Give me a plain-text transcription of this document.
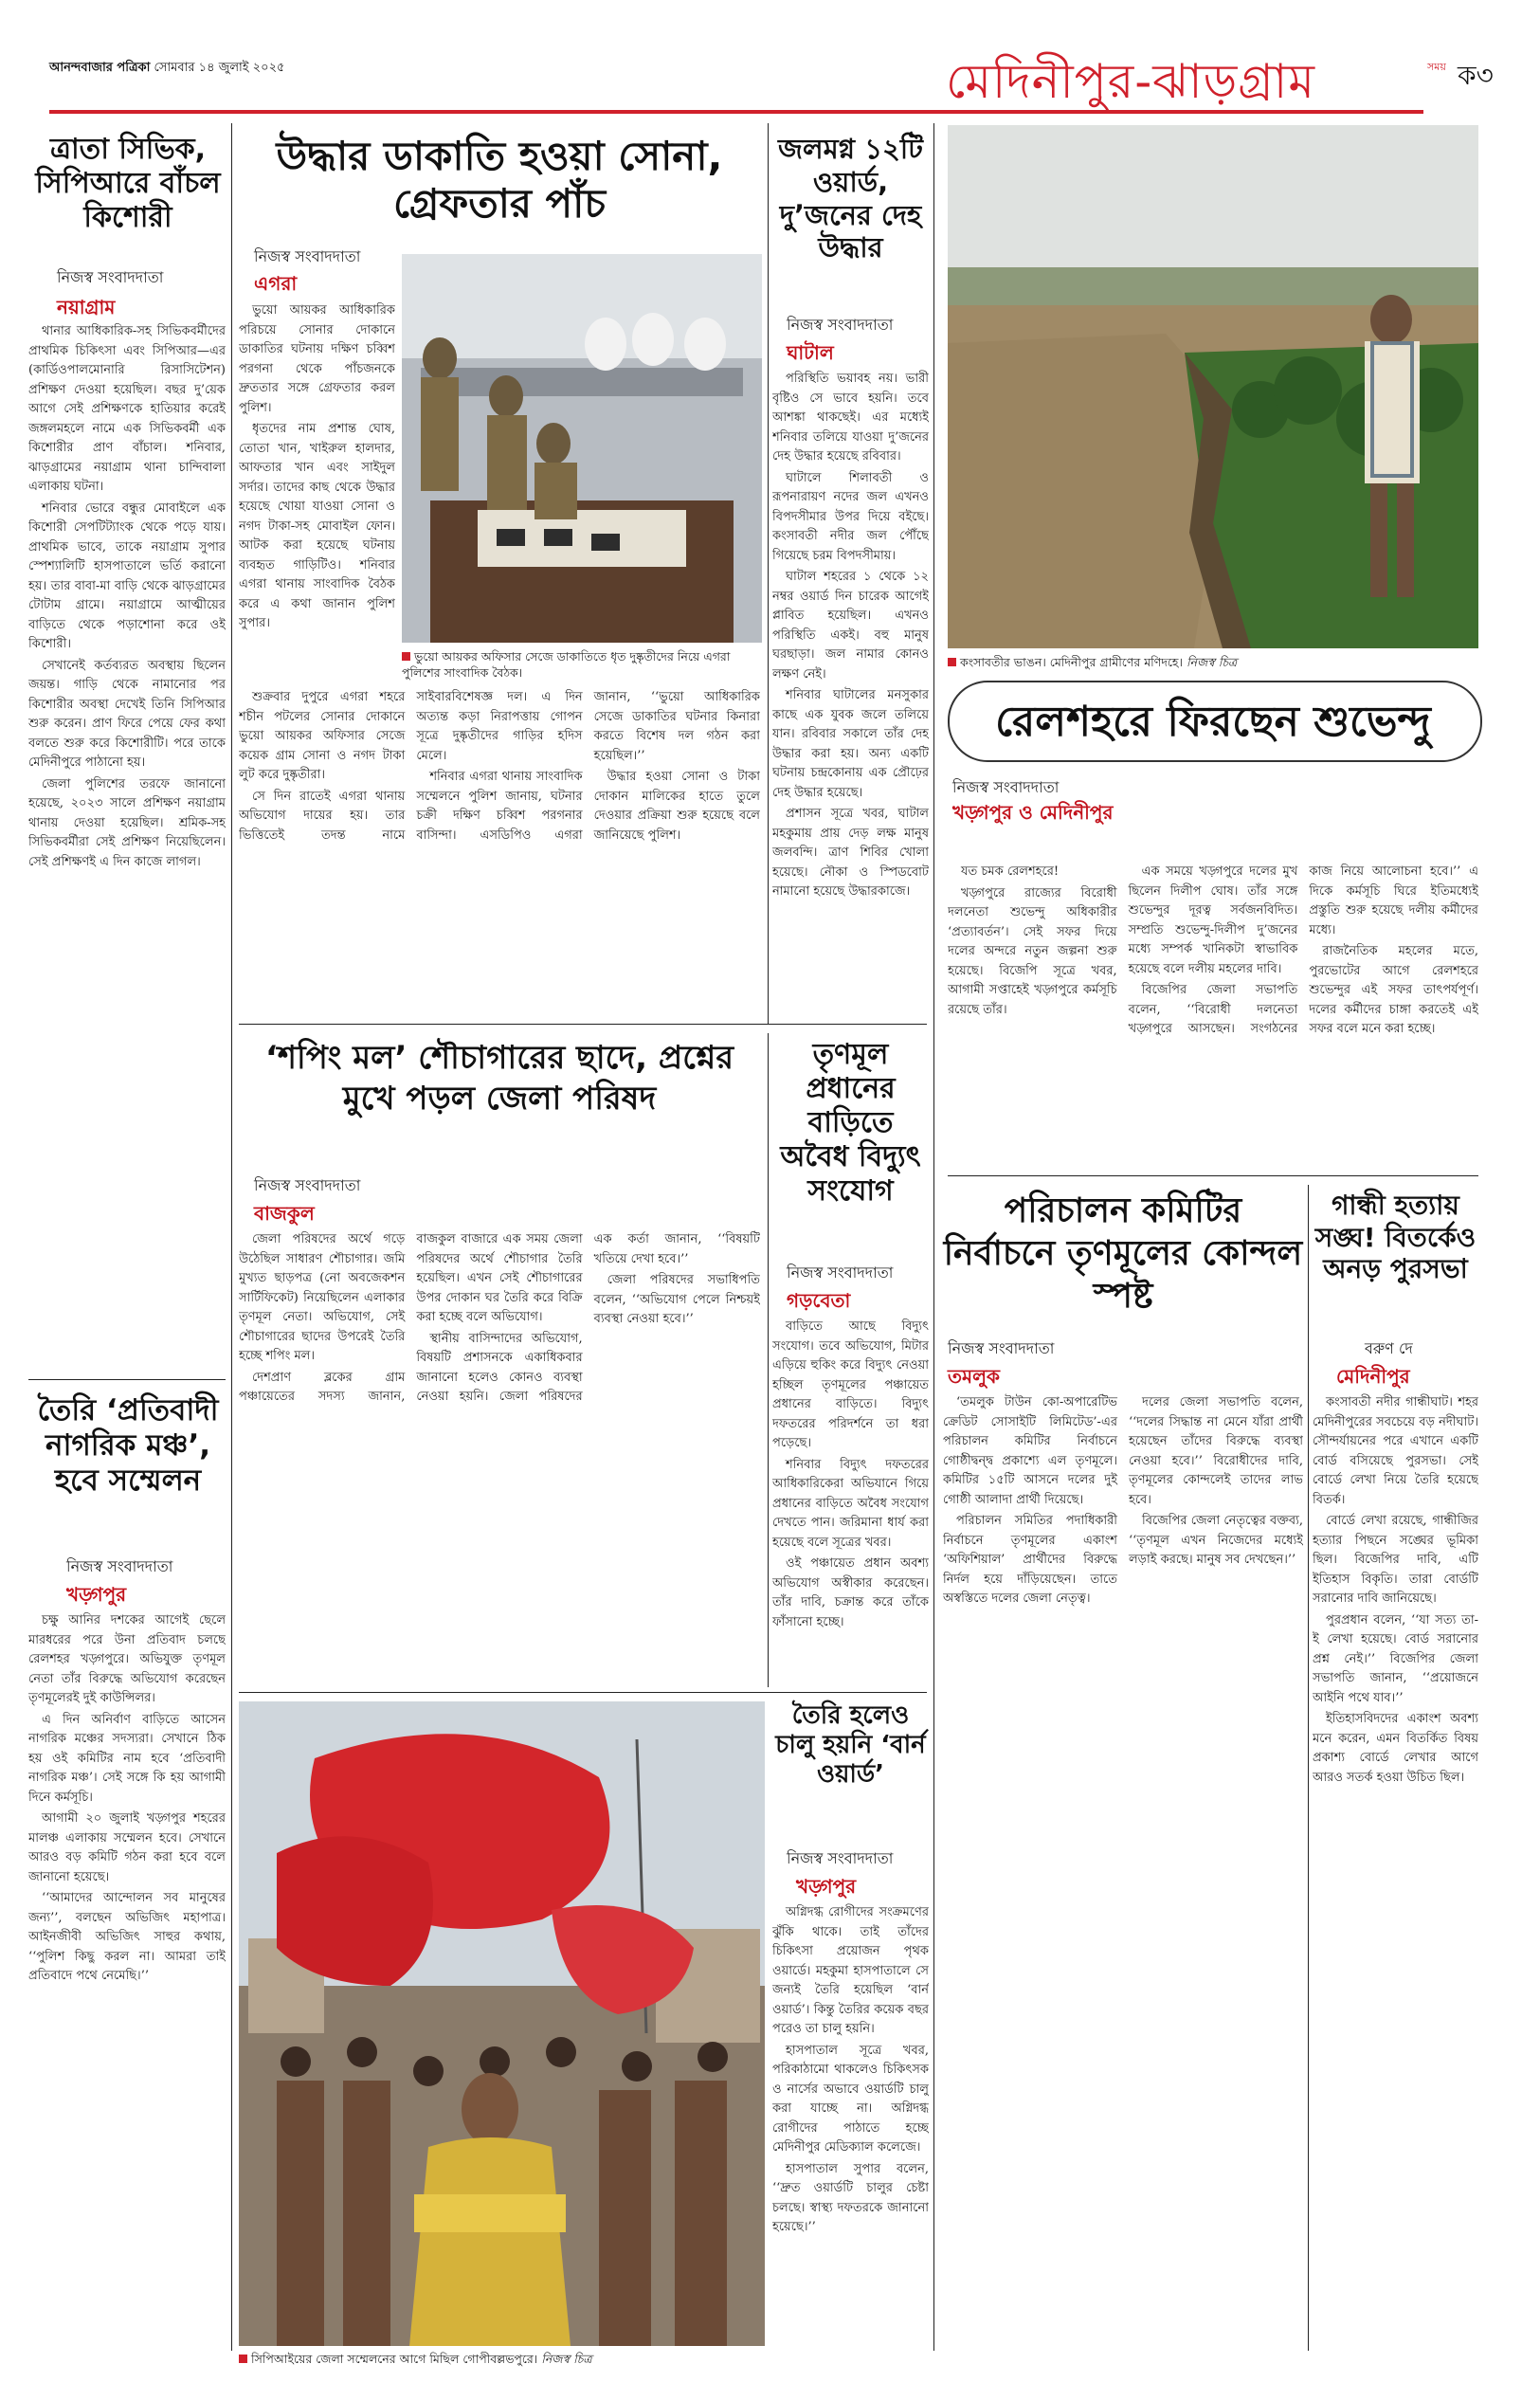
আনন্দবাজার পত্রিকা সোমবার ১৪ জুলাই ২০২৫	মেদিনীপুর-ঝাড়গ্রাম	সময় ক৩
ত্রাতা সিভিক, সিপিআরে বাঁচল কিশোরী
নিজস্ব সংবাদদাতা
নয়াগ্রাম

থানার আধিকারিক-সহ সিভিকবর্মীদের প্রাথমিক চিকিৎসা এবং সিপিআর—এর (কার্ডিওপালমোনারি রিসাসিটেশন) প্রশিক্ষণ দেওয়া হয়েছিল। বছর দু’য়েক আগে সেই প্রশিক্ষণকে হাতিয়ার করেই জঙ্গলমহলে নামে এক সিভিকবর্মী এক কিশোরীর প্রাণ বাঁচাল। শনিবার, ঝাড়গ্রামের নয়াগ্রাম থানা চান্দিবালা এলাকায় ঘটনা।

শনিবার ভোরে বন্ধুর মোবাইলে এক কিশোরী সেপটিট্যাংক থেকে পড়ে যায়। প্রাথমিক ভাবে, তাকে নয়াগ্রাম সুপার স্পেশ্যালিটি হাসপাতালে ভর্তি করানো হয়। তার বাবা-মা বাড়ি থেকে ঝাড়গ্রামের টোটাম গ্রামে। নয়াগ্রামে আত্মীয়ের বাড়িতে থেকে পড়াশোনা করে ওই কিশোরী।

সেখানেই কর্তব্যরত অবস্থায় ছিলেন জয়ন্ত। গাড়ি থেকে নামানোর পর কিশোরীর অবস্থা দেখেই তিনি সিপিআর শুরু করেন। প্রাণ ফিরে পেয়ে ফের কথা বলতে শুরু করে কিশোরীটি। পরে তাকে মেদিনীপুরে পাঠানো হয়।

জেলা পুলিশের তরফে জানানো হয়েছে, ২০২৩ সালে প্রশিক্ষণ নয়াগ্রাম থানায় দেওয়া হয়েছিল। শ্রমিক-সহ সিভিকবর্মীরা সেই প্রশিক্ষণ নিয়েছিলেন। সেই প্রশিক্ষণই এ দিন কাজে লাগল।

তৈরি ‘প্রতিবাদী নাগরিক মঞ্চ’, হবে সম্মেলন
নিজস্ব সংবাদদাতা
খড়্গপুর

চক্ষু আনির দশকের আগেই ছেলে মারধরের পরে উনা প্রতিবাদ চলছে রেলশহর খড়্গপুরে। অভিযুক্ত তৃণমূল নেতা তাঁর বিরুদ্ধে অভিযোগ করেছেন তৃণমূলেরই দুই কাউন্সিলর।

এ দিন অনির্বাণ বাড়িতে আসেন নাগরিক মঞ্চের সদস্যরা। সেখানে ঠিক হয় ওই কমিটির নাম হবে ‘প্রতিবাদী নাগরিক মঞ্চ’। সেই সঙ্গে কি হয় আগামী দিনে কর্মসূচি।

আগামী ২০ জুলাই খড়্গপুর শহরের মালঞ্চ এলাকায় সম্মেলন হবে। সেখানে আরও বড় কমিটি গঠন করা হবে বলে জানানো হয়েছে।

‘‘আমাদের আন্দোলন সব মানুষের জন্য’’, বলছেন অভিজিৎ মহাপাত্র। আইনজীবী অভিজিৎ সাহুর কথায়, ‘‘পুলিশ কিছু করল না। আমরা তাই প্রতিবাদে পথে নেমেছি।’’

উদ্ধার ডাকাতি হওয়া সোনা, গ্রেফতার পাঁচ
নিজস্ব সংবাদদাতা
এগরা

ভুয়ো আয়কর আধিকারিক পরিচয়ে সোনার দোকানে ডাকাতির ঘটনায় দক্ষিণ চব্বিশ পরগনা থেকে পাঁচজনকে দ্রুততার সঙ্গে গ্রেফতার করল পুলিশ।

ধৃতদের নাম প্রশান্ত ঘোষ, তোতা খান, খাইরুল হালদার, আফতার খান এবং সাইদুল সর্দার। তাদের কাছ থেকে উদ্ধার হয়েছে খোয়া যাওয়া সোনা ও নগদ টাকা-সহ মোবাইল ফোন। আটক করা হয়েছে ঘটনায় ব্যবহৃত গাড়িটিও। শনিবার এগরা থানায় সাংবাদিক বৈঠক করে এ কথা জানান পুলিশ সুপার।

ভুয়ো আয়কর অফিসার সেজে ডাকাতিতে ধৃত দুষ্কৃতীদের নিয়ে এগরা পুলিশের সাংবাদিক বৈঠক।

শুক্রবার দুপুরে এগরা শহরে শচীন পটলের সোনার দোকানে ভুয়ো আয়কর অফিসার সেজে কয়েক গ্রাম সোনা ও নগদ টাকা লুট করে দুষ্কৃতীরা।

সে দিন রাতেই এগরা থানায় অভিযোগ দায়ের হয়। তার ভিত্তিতেই তদন্ত নামে সাইবারবিশেষজ্ঞ দল। এ দিন অত্যন্ত কড়া নিরাপত্তায় গোপন সূত্রে দুষ্কৃতীদের গাড়ির হদিস মেলে।

শনিবার এগরা থানায় সাংবাদিক সম্মেলনে পুলিশ জানায়, ঘটনার চক্রী দক্ষিণ চব্বিশ পরগনার বাসিন্দা। এসডিপিও এগরা জানান, ‘‘ভুয়ো আধিকারিক সেজে ডাকাতির ঘটনার কিনারা করতে বিশেষ দল গঠন করা হয়েছিল।’’

উদ্ধার হওয়া সোনা ও টাকা দোকান মালিকের হাতে তুলে দেওয়ার প্রক্রিয়া শুরু হয়েছে বলে জানিয়েছে পুলিশ।

জলমগ্ন ১২টি ওয়ার্ড, দু’জনের দেহ উদ্ধার
নিজস্ব সংবাদদাতা
ঘাটাল

পরিস্থিতি ভয়াবহ নয়। ভারী বৃষ্টিও সে ভাবে হয়নি। তবে আশঙ্কা থাকছেই। এর মধ্যেই শনিবার তলিয়ে যাওয়া দু’জনের দেহ উদ্ধার হয়েছে রবিবার।

ঘাটালে শিলাবতী ও রূপনারায়ণ নদের জল এখনও বিপদসীমার উপর দিয়ে বইছে। কংসাবতী নদীর জল পৌঁছে গিয়েছে চরম বিপদসীমায়।

ঘাটাল শহরের ১ থেকে ১২ নম্বর ওয়ার্ড দিন চারেক আগেই প্লাবিত হয়েছিল। এখনও পরিস্থিতি একই। বহু মানুষ ঘরছাড়া। জল নামার কোনও লক্ষণ নেই।

শনিবার ঘাটালের মনসুকার কাছে এক যুবক জলে তলিয়ে যান। রবিবার সকালে তাঁর দেহ উদ্ধার করা হয়। অন্য একটি ঘটনায় চন্দ্রকোনায় এক প্রৌঢ়ের দেহ উদ্ধার হয়েছে।

প্রশাসন সূত্রে খবর, ঘাটাল মহকুমায় প্রায় দেড় লক্ষ মানুষ জলবন্দি। ত্রাণ শিবির খোলা হয়েছে। নৌকা ও স্পিডবোট নামানো হয়েছে উদ্ধারকাজে।

কংসাবতীর ভাঙন। মেদিনীপুর গ্রামীণের মণিদহে। নিজস্ব চিত্র
রেলশহরে ফিরছেন শুভেন্দু
নিজস্ব সংবাদদাতা
খড়্গপুর ও মেদিনীপুর

যত চমক রেলশহরে!

খড়্গপুরে রাজ্যের বিরোধী দলনেতা শুভেন্দু অধিকারীর ‘প্রত্যাবর্তন’। সেই সফর দিয়ে দলের অন্দরে নতুন জল্পনা শুরু হয়েছে। বিজেপি সূত্রে খবর, আগামী সপ্তাহেই খড়্গপুরে কর্মসূচি রয়েছে তাঁর।

এক সময়ে খড়্গপুরে দলের মুখ ছিলেন দিলীপ ঘোষ। তাঁর সঙ্গে শুভেন্দুর দূরত্ব সর্বজনবিদিত। সম্প্রতি শুভেন্দু-দিলীপ দু’জনের মধ্যে সম্পর্ক খানিকটা স্বাভাবিক হয়েছে বলে দলীয় মহলের দাবি।

বিজেপির জেলা সভাপতি বলেন, ‘‘বিরোধী দলনেতা খড়্গপুরে আসছেন। সংগঠনের কাজ নিয়ে আলোচনা হবে।’’ এ দিকে কর্মসূচি ঘিরে ইতিমধ্যেই প্রস্তুতি শুরু হয়েছে দলীয় কর্মীদের মধ্যে।

রাজনৈতিক মহলের মতে, পুরভোটের আগে রেলশহরে শুভেন্দুর এই সফর তাৎপর্যপূর্ণ। দলের কর্মীদের চাঙ্গা করতেই এই সফর বলে মনে করা হচ্ছে।

‘শপিং মল’ শৌচাগারের ছাদে, প্রশ্নের মুখে পড়ল জেলা পরিষদ
নিজস্ব সংবাদদাতা
বাজকুল

জেলা পরিষদের অর্থে গড়ে উঠেছিল সাধারণ শৌচাগার। জমি মুখ্যত ছাড়পত্র (নো অবজেকশন সার্টিফিকেট) নিয়েছিলেন এলাকার তৃণমূল নেতা। অভিযোগ, সেই শৌচাগারের ছাদের উপরেই তৈরি হচ্ছে শপিং মল।

দেশপ্রাণ ব্লকের গ্রাম পঞ্চায়েতের সদস্য জানান, বাজকুল বাজারে এক সময় জেলা পরিষদের অর্থে শৌচাগার তৈরি হয়েছিল। এখন সেই শৌচাগারের উপর দোকান ঘর তৈরি করে বিক্রি করা হচ্ছে বলে অভিযোগ।

স্থানীয় বাসিন্দাদের অভিযোগ, বিষয়টি প্রশাসনকে একাধিকবার জানানো হলেও কোনও ব্যবস্থা নেওয়া হয়নি। জেলা পরিষদের এক কর্তা জানান, ‘‘বিষয়টি খতিয়ে দেখা হবে।’’

জেলা পরিষদের সভাধিপতি বলেন, ‘‘অভিযোগ পেলে নিশ্চয়ই ব্যবস্থা নেওয়া হবে।’’

তৃণমূল প্রধানের বাড়িতে অবৈধ বিদ্যুৎ সংযোগ
নিজস্ব সংবাদদাতা
গড়বেতা

বাড়িতে আছে বিদ্যুৎ সংযোগ। তবে অভিযোগ, মিটার এড়িয়ে হুকিং করে বিদ্যুৎ নেওয়া হচ্ছিল তৃণমূলের পঞ্চায়েত প্রধানের বাড়িতে। বিদ্যুৎ দফতরের পরিদর্শনে তা ধরা পড়েছে।

শনিবার বিদ্যুৎ দফতরের আধিকারিকেরা অভিযানে গিয়ে প্রধানের বাড়িতে অবৈধ সংযোগ দেখতে পান। জরিমানা ধার্য করা হয়েছে বলে সূত্রের খবর।

ওই পঞ্চায়েত প্রধান অবশ্য অভিযোগ অস্বীকার করেছেন। তাঁর দাবি, চক্রান্ত করে তাঁকে ফাঁসানো হচ্ছে।

তৈরি হলেও চালু হয়নি ‘বার্ন ওয়ার্ড’
নিজস্ব সংবাদদাতা
খড়্গপুর

অগ্নিদগ্ধ রোগীদের সংক্রমণের ঝুঁকি থাকে। তাই তাঁদের চিকিৎসা প্রয়োজন পৃথক ওয়ার্ডে। মহকুমা হাসপাতালে সে জন্যই তৈরি হয়েছিল ‘বার্ন ওয়ার্ড’। কিন্তু তৈরির কয়েক বছর পরেও তা চালু হয়নি।

হাসপাতাল সূত্রে খবর, পরিকাঠামো থাকলেও চিকিৎসক ও নার্সের অভাবে ওয়ার্ডটি চালু করা যাচ্ছে না। অগ্নিদগ্ধ রোগীদের পাঠাতে হচ্ছে মেদিনীপুর মেডিক্যাল কলেজে।

হাসপাতাল সুপার বলেন, ‘‘দ্রুত ওয়ার্ডটি চালুর চেষ্টা চলছে। স্বাস্থ্য দফতরকে জানানো হয়েছে।’’

সিপিআইয়ের জেলা সম্মেলনের আগে মিছিল গোপীবল্লভপুরে। নিজস্ব চিত্র
পরিচালন কমিটির নির্বাচনে তৃণমূলের কোন্দল স্পষ্ট
নিজস্ব সংবাদদাতা
তমলুক

‘তমলুক টাউন কো-অপারেটিভ ক্রেডিট সোসাইটি লিমিটেড’-এর পরিচালন কমিটির নির্বাচনে গোষ্ঠীদ্বন্দ্ব প্রকাশ্যে এল তৃণমূলে। কমিটির ১৫টি আসনে দলের দুই গোষ্ঠী আলাদা প্রার্থী দিয়েছে।

পরিচালন সমিতির পদাধিকারী নির্বাচনে তৃণমূলের একাংশ ‘অফিশিয়াল’ প্রার্থীদের বিরুদ্ধে নির্দল হয়ে দাঁড়িয়েছেন। তাতে অস্বস্তিতে দলের জেলা নেতৃত্ব।

দলের জেলা সভাপতি বলেন, ‘‘দলের সিদ্ধান্ত না মেনে যাঁরা প্রার্থী হয়েছেন তাঁদের বিরুদ্ধে ব্যবস্থা নেওয়া হবে।’’ বিরোধীদের দাবি, তৃণমূলের কোন্দলেই তাদের লাভ হবে।

বিজেপির জেলা নেতৃত্বের বক্তব্য, ‘‘তৃণমূল এখন নিজেদের মধ্যেই লড়াই করছে। মানুষ সব দেখছেন।’’

গান্ধী হত্যায় সঙ্ঘ! বিতর্কেও অনড় পুরসভা
বরুণ দে
মেদিনীপুর

কংসাবতী নদীর গান্ধীঘাট। শহর মেদিনীপুরের সবচেয়ে বড় নদীঘাট। সৌন্দর্যায়নের পরে এখানে একটি বোর্ড বসিয়েছে পুরসভা। সেই বোর্ডে লেখা নিয়ে তৈরি হয়েছে বিতর্ক।

বোর্ডে লেখা রয়েছে, গান্ধীজির হত্যার পিছনে সঙ্ঘের ভূমিকা ছিল। বিজেপির দাবি, এটি ইতিহাস বিকৃতি। তারা বোর্ডটি সরানোর দাবি জানিয়েছে।

পুরপ্রধান বলেন, ‘‘যা সত্য তা-ই লেখা হয়েছে। বোর্ড সরানোর প্রশ্ন নেই।’’ বিজেপির জেলা সভাপতি জানান, ‘‘প্রয়োজনে আইনি পথে যাব।’’

ইতিহাসবিদদের একাংশ অবশ্য মনে করেন, এমন বিতর্কিত বিষয় প্রকাশ্য বোর্ডে লেখার আগে আরও সতর্ক হওয়া উচিত ছিল।
